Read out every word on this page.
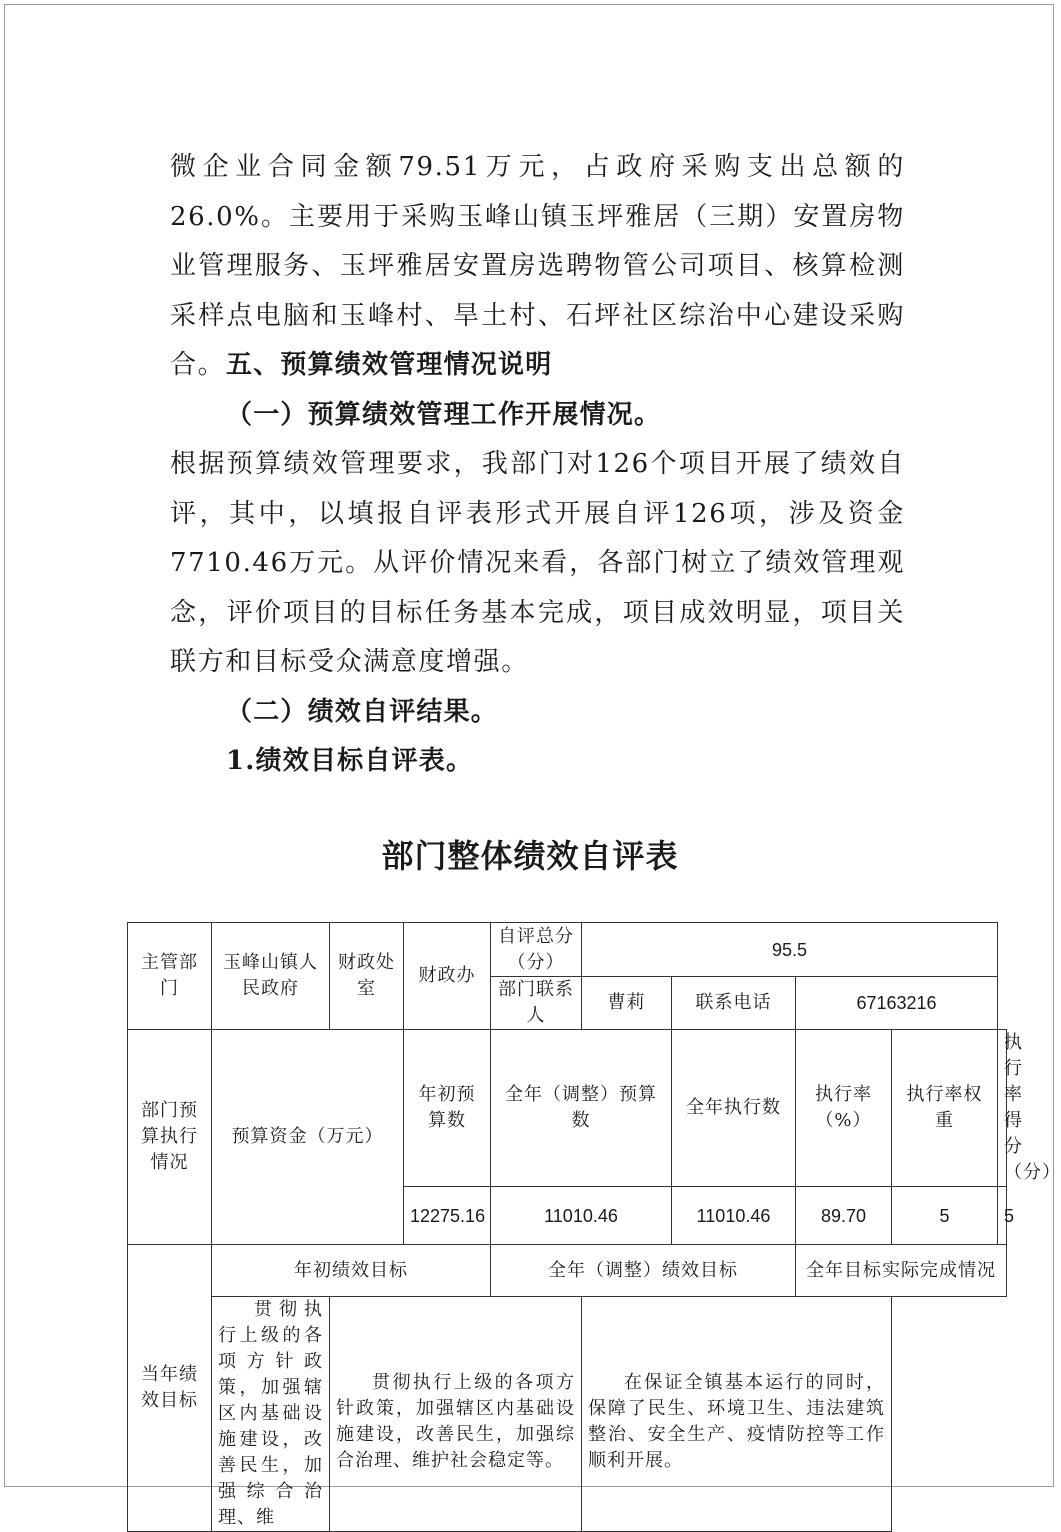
微企业合同金额79.51万元，占政府采购支出总额的26.0%。主要用于采购玉峰山镇玉坪雅居（三期）安置房物业管理服务、玉坪雅居安置房选聘物管公司项目、核算检测采样点电脑和玉峰村、旱土村、石坪社区综治中心建设采购合。 五、预算绩效管理情况说明
（一）预算绩效管理工作开展情况。
根据预算绩效管理要求，我部门对126个项目开展了绩效自评，其中，以填报自评表形式开展自评126项，涉及资金7710.46万元。从评价情况来看，各部门树立了绩效管理观念，评价项目的目标任务基本完成，项目成效明显，项目关联方和目标受众满意度增强。
（二）绩效自评结果。
1.绩效目标自评表。
部门整体绩效自评表
主管部门	玉峰山镇人民政府	财政处室	财政办	自评总分（分）	95.5				
				部门联系人	曹莉	联系电话	67163216		
部门预算执行情况	预算资金（万元）		年初预算数	全年（调整）预算数		全年执行数	执行率（%）	执行率权重	执行率得分（分）
			12275.16	11010.46		11010.46	89.70	5	5
当年绩效目标	年初绩效目标			全年（调整）绩效目标			全年目标实际完成情况		

	贯彻执行上级的各项方针政策，加强辖区内基础设施建设，改善民生，加强综合治理、维	贯彻执行上级的各项方针政策，加强辖区内基础设施建设，改善民生，加强综合治理、维护社会稳定等。			在保证全镇基本运行的同时，保障了民生、环境卫生、违法建筑整治、安全生产、疫情防控等工作顺利开展。				
